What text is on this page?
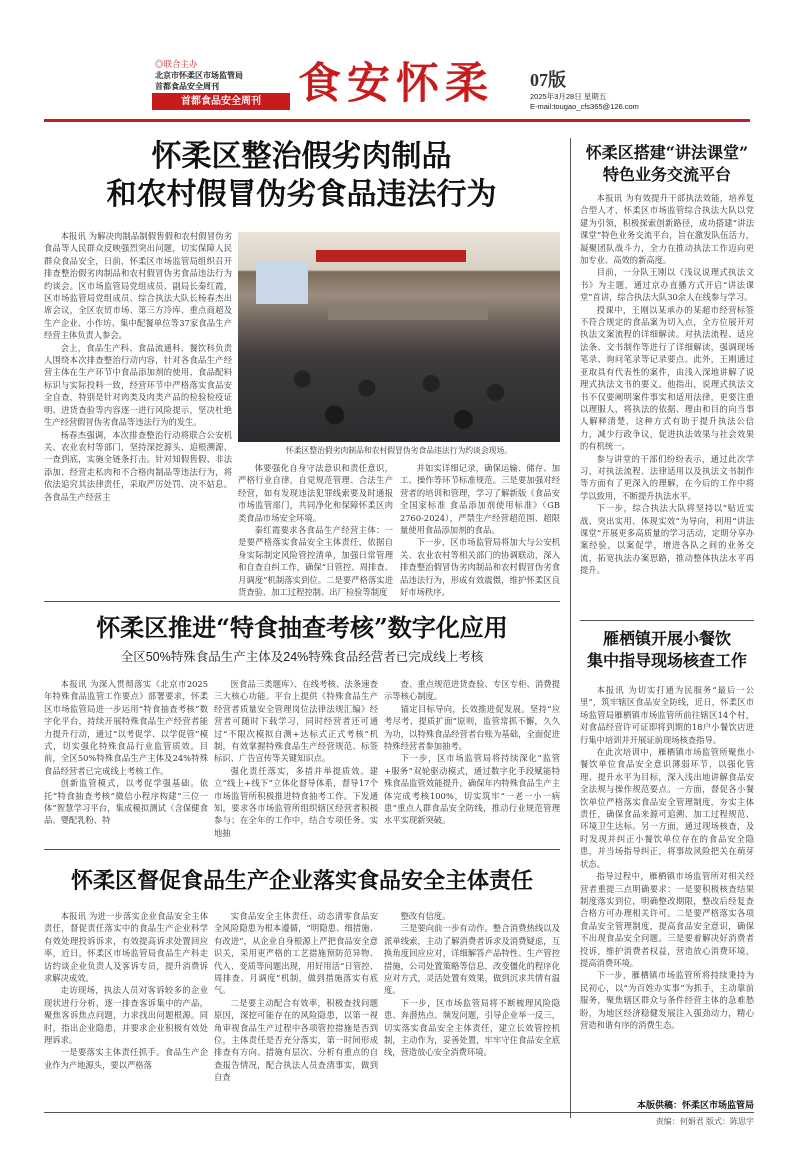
◎联合主办
北京市怀柔区市场监管局
首都食品安全周刊
首都食品安全周刊 食安怀柔 07版
2025年3月28日 星期五
E-mail:tougao_cfs365@126.com
怀柔区整治假劣肉制品
和农村假冒伪劣食品违法行为

本报讯 为解决肉制品制假售假和农村假冒伪劣食品等人民群众反映强烈突出问题，切实保障人民群众食品安全，日前，怀柔区市场监管局组织召开排查整治假劣肉制品和农村假冒伪劣食品违法行为约谈会。区市场监管局党组成员、副局长秦红霞，区市场监管局党组成员、综合执法大队长杨春杰出席会议，全区农贸市场、第三方冷库、重点商超及生产企业、小作坊、集中配餐单位等37家食品生产经营主体负责人参会。

会上，食品生产科、食品流通科、餐饮科负责人围绕本次排查整治行动内容，针对各食品生产经营主体在生产环节中食品添加剂的使用、食品配料标识与实际投料一致，经营环节中严格落实食品安全自查，特别是针对肉类及肉类产品的检验检疫证明、进货查验等内容逐一进行风险提示，坚决杜绝生产经营假冒伪劣食品等违法行为的发生。

杨春杰强调，本次排查整治行动将联合公安机关、农业农村等部门，坚持深挖源头、追根溯源、一查到底，实施全链条打击。针对知假售假、非法添加、经营走私肉和不合格肉制品等违法行为，将依法追究其法律责任，采取严厉处罚、决不姑息。各食品生产经营主

怀柔区整治假劣肉制品和农村假冒伪劣食品违法行为约谈会现场。

体要强化自身守法意识和责任意识，严格行业自律，自觉规范管理、合法生产经营，如有发现违法犯罪线索要及时通报市场监管部门，共同净化和保障怀柔区肉类食品市场安全环境。

秦红霞要求各食品生产经营主体：一是要严格落实食品安全主体责任，依据自身实际制定风险管控清单，加强日常管理和自查自纠工作，确保“日管控、周排查、月调度”机制落实到位。二是要严格落实进货查验、加工过程控制、出厂检验等制度

并如实详细记录，确保运输、储存、加工、操作等环节标准规范。三是要加强对经营者的培训和管理，学习了解新版《食品安全国家标准 食品添加剂使用标准》（GB 2760-2024），严禁生产经营超范围、超限量使用食品添加剂的食品。

下一步，区市场监管局将加大与公安机关、农业农村等相关部门的协调联动，深入排查整治假冒伪劣肉制品和农村假冒伪劣食品违法行为，形成有效震慑，维护怀柔区良好市场秩序。

怀柔区推进“特食抽查考核”数字化应用
全区50%特殊食品生产主体及24%特殊食品经营者已完成线上考核

本报讯 为深入贯彻落实《北京市2025年特殊食品监管工作要点》部署要求，怀柔区市场监管局进一步运用“特食抽查考核”数字化平台，持续开展特殊食品生产经营者能力提升行动，通过“以考促学、以学促管”模式，切实强化特殊食品行业监管质效。目前，全区50%特殊食品生产主体及24%特殊食品经营者已完成线上考核工作。

创新监管模式，以考促学强基础。依托“特食抽查考核”微信小程序构建“三位一体”智慧学习平台，集成模拟测试（含保健食品、婴配乳粉、特

医食品三类题库）、在线考核、法条速查三大核心功能。平台上提供《特殊食品生产经营者质量安全管理岗位法律法规汇编》经营者可随时下载学习，同时经营者还可通过“不限次模拟自测+达标式正式考核”机制，有效掌握特殊食品生产经营规范、标签标识、广告宣传等关键知识点。

强化责任落实，多措并举提质效。建立“线上+线下”立体化督导体系，督导17个市场监管所积极推进特食抽考工作。下发通知，要求各市场监管所组织辖区经营者积极参与；在全年的工作中，结合专项任务、实地抽

查、重点规范进货查验、专区专柜、消费提示等核心制度。

锚定目标导向，长效推进促发展。坚持“应考尽考、提质扩面”原则，监管常抓不懈，久久为功，以特殊食品经营者台账为基础，全面促进特殊经营者参加抽考。

下一步，区市场监管局将持续深化“监管+服务”双轮驱动模式，通过数字化手段赋能特殊食品监管效能提升，确保年内特殊食品生产主体完成考核100%，切实筑牢“一老一小一病患”重点人群食品安全防线，推动行业规范管理水平实现新突破。

怀柔区督促食品生产企业落实食品安全主体责任

本报讯 为进一步落实企业食品安全主体责任，督促责任落实中的食品生产企业科学有效处理投诉诉求，有效提高诉求处置回应率，近日，怀柔区市场监管局食品生产科走访约谈企业负责人及客诉专员，提升消费诉求解决成效。

走访现场，执法人员对客诉较多的企业现状进行分析，逐一排查客诉集中的产品，聚焦客诉焦点问题，力求找出问题根源。同时，指出企业隐患，并要求企业积极有效处理诉求。

一是要落实主体责任抓手。食品生产企业作为产地源头，要以严格落

实食品安全主体责任、动态清零食品安全风险隐患为根本遵循，“明隐患、细措施、有改进”，从企业自身根源上严把食品安全意识关，采用更严格的工艺措施预防范异物、代入、变质等问题出现，用好用活“日管控、周排查、月调度”机制，做到措施落实有底气。

二是要主动配合有效率，积极查找问题原因，深挖可能存在的风险隐患，以第一视角审视食品生产过程中各项管控措施是否到位，主体责任是否充分落实，第一时间形成排查有方向、措施有层次、分析有重点的自查报告情况，配合执法人员查清事实，做到自查

整改有信度。

三是要向前一步有动作。整合消费热线以及派单线索，主动了解消费者诉求及消费疑虑，互换角度回应应对，详细解答产品特性、生产管控措施，公司处置策略等信息，改变僵化的程序化应对方式，灵活处置有效果，做到沉求共情有温度。

下一步，区市场监管局将不断梳理风险隐患、奔潜热点、频发问题，引导企业举一反三，切实落实食品安全主体责任，建立长效管控机制，主动作为，妥善处置，牢牢守住食品安全底线，营造放心安全消费环境。

怀柔区搭建“讲法课堂”
特色业务交流平台

本报讯 为有效提升干部执法效能，培养复合型人才，怀柔区市场监管综合执法大队以党建为引领，积极探索创新路径，成功搭建“讲法课堂”特色业务交流平台，旨在激发队伍活力，凝聚团队战斗力，全力在推动执法工作迈向更加专业、高效的新高度。

目前，一分队王刚以《浅议说理式执法文书》为主题，通过京办直播方式开启“讲法课堂”首讲，综合执法大队30余人在线参与学习。

授课中，王刚以某承办的某超市经营标签不符合规定的食品案为切入点，全方位展开对执法文案流程的详细解读。对执法流程、适应法条、文书制作等进行了详细解读，强调现场笔录、询问笔录等记录要点。此外，王刚通过亚取具有代表性的案件，由浅入深地讲解了说理式执法文书的要义。他指出，说理式执法文书不仅要阐明案件事实和适用法律，更要注重以理服人，将执法的依据、理由和目的向当事人解释清楚，这种方式有助于提升执法公信力，减少行政争议，促进执法效果与社会效果的有机统一。

参与讲堂的干部们纷纷表示，通过此次学习，对执法流程、法律适用以及执法文书制作等方面有了更深入的理解，在今后的工作中将学以致用，不断提升执法水平。

下一步，综合执法大队将坚持以“贴近实战、突出实用、体现实效”为导向，利用“讲法课堂”开展更多高质量的学习活动，定期分享办案经验，以案促学，增进各队之间的业务交流，拓宽执法办案思路，推动整体执法水平再提升。

雁栖镇开展小餐饮
集中指导现场核查工作

本报讯 为切实打通为民服务“最后一公里”，筑牢辖区食品安全防线，近日，怀柔区市场监管局雁栖镇市场监管所前往辖区14个村，对食品经营许可证即将到期的18户小餐饮店进行集中培训并开展证前现场核查指导。

在此次培训中，雁栖镇市场监管所聚焦小餐饮单位食品安全意识薄弱环节，以强化管理、提升水平为目标，深入浅出地讲解食品安全法规与操作规范要点。一方面，督促各小餐饮单位严格落实食品安全管理制度，夯实主体责任，确保食品来源可追溯、加工过程规范、环境卫生达标。另一方面，通过现场核查，及时发现并纠正小餐饮单位存在的食品安全隐患，并当场指导纠正，将事故风险把关在萌芽状态。

指导过程中，雁栖镇市场监管所对相关经营者重提三点明确要求：一是要积极核查结果制度落实到位，明确整改期限，整改后经复查合格方可办理相关许可。二是要严格落实各项食品安全管理制度，提高食品安全意识，确保不出现食品安全问题。三是要着解决好消费者投诉，维护消费者权益，营造放心消费环境，提高消费环境。

下一步，雁栖镇市场监管所将持续秉持为民初心，以“为百姓办实事”为抓手，主动靠前服务，聚焦辖区群众与条件经营主体的急难愁盼，为地区经济稳健发展注入强劲动力，精心营造和谐有序的消费生态。

本版供稿：怀柔区市场监管局
责编：何娟君 版式：陈思宇
